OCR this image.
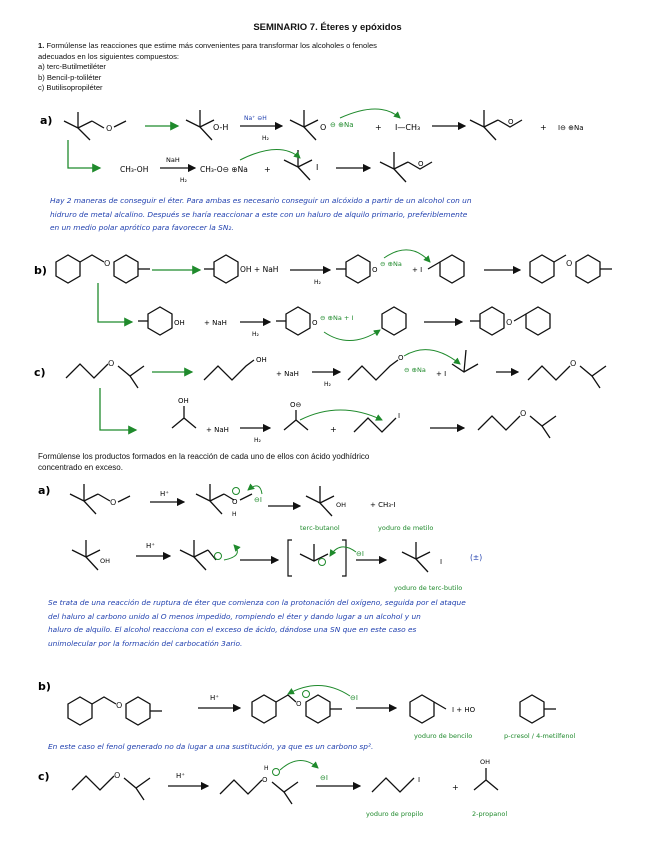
SEMINARIO 7. Éteres y epóxidos
1. Formúlense las reacciones que estime más convenientes para transformar los alcoholes o fenoles
adecuados en los siguientes compuestos:
a) terc-Butilmetiléter
b) Bencil-p-toliléter
c) Butilisopropiléter
a)
O	O-H
Na⁺ ⊖H
H₂
O ⊖ ⊕Na	+ I—CH₃
O
+ I⊖ ⊕Na
CH₃-OH
NaH
H₂
CH₃-O⊖ ⊕Na +	I	O
b)
O
OH + NaH
H₂
O
⊖ ⊕Na
+ I
O
OH	+ NaH
H₂
O
⊖ ⊕Na + I	O
c)
O	OH
+ NaH
H₂
O
⊖ ⊕Na + I
O
OH
+ NaH
H₂
O⊖
+
I	O
a)
O
H⁺
O
H
⊖I
OH	+ CH₃-I
terc-butanol	yoduro de metilo
OH
H⁺
⊖I
I	(±)
yoduro de terc-butilo
b)
O
H⁺
O
⊖I
I + HO
yoduro de bencilo	p-cresol / 4-metilfenol
c)	O	H⁺	O
H
⊖I	I
+
OH
yoduro de propilo	2-propanol
Hay 2 maneras de conseguir el éter. Para ambas es necesario conseguir un alcóxido a partir de un alcohol con un
hidruro de metal alcalino. Después se haría reaccionar a este con un haluro de alquilo primario, preferiblemente
en un medio polar aprótico para favorecer la SN₂.
Formúlense los productos formados en la reacción de cada uno de ellos con ácido yodhídrico
concentrado en exceso.
Se trata de una reacción de ruptura de éter que comienza con la protonación del oxígeno, seguida por el ataque
del haluro al carbono unido al O menos impedido, rompiendo el éter y dando lugar a un alcohol y un
haluro de alquilo. El alcohol reacciona con el exceso de ácido, dándose una SN que en este caso es
unimolecular por la formación del carbocatión 3ario.
En este caso el fenol generado no da lugar a una sustitución, ya que es un carbono sp².
